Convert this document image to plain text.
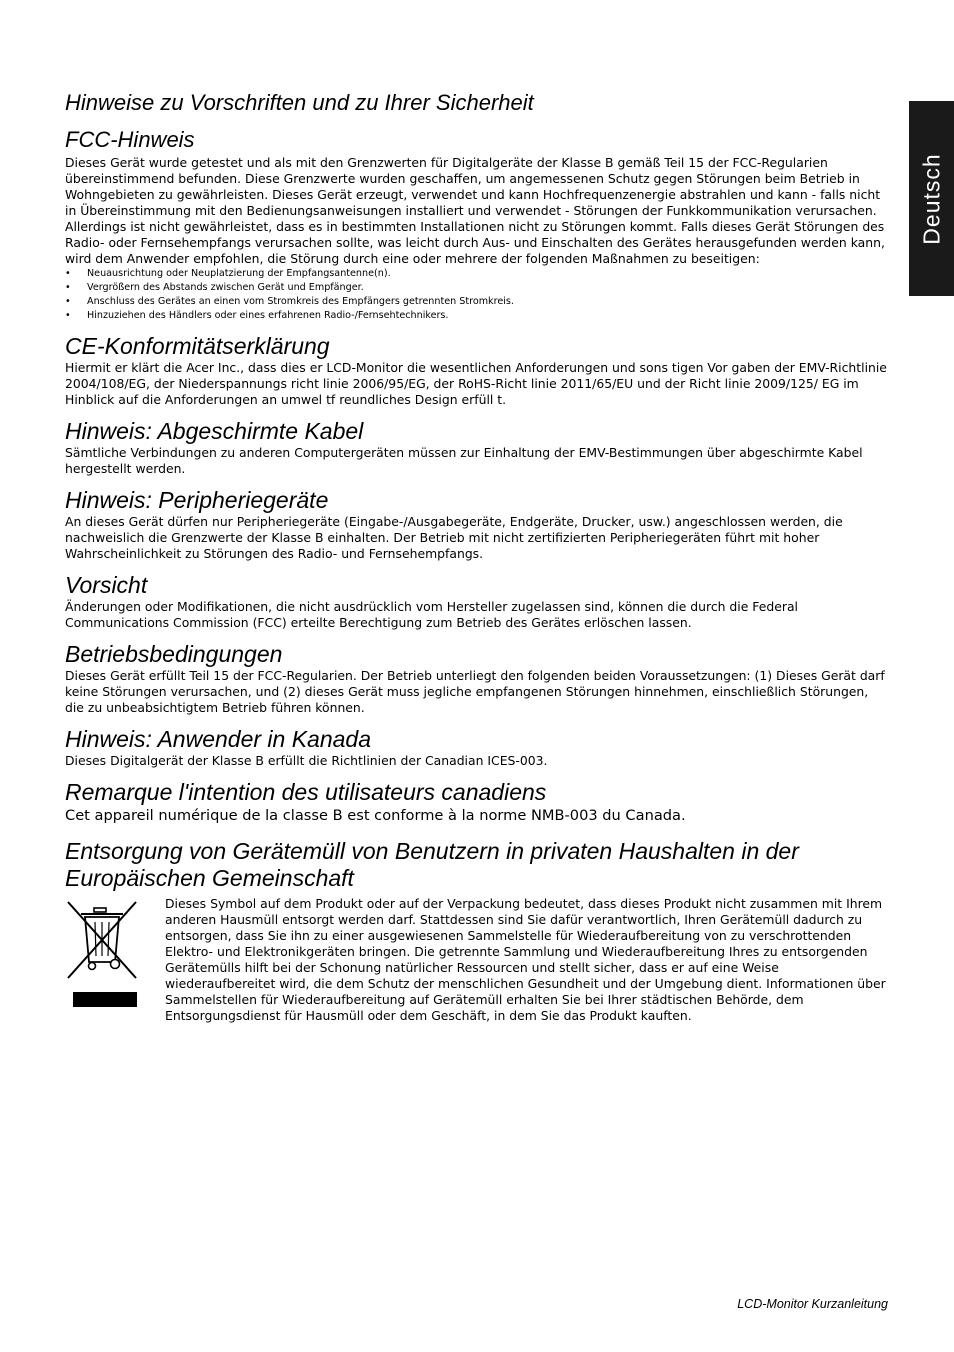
Deutsch
Hinweise zu Vorschriften und zu Ihrer Sicherheit
FCC-Hinweis

Dieses Gerät wurde getestet und als mit den Grenzwerten für Digitalgeräte der Klasse B gemäß Teil 15 der FCC-Regularien übereinstimmend befunden. Diese Grenzwerte wurden geschaffen, um angemessenen Schutz gegen Störungen beim Betrieb in Wohngebieten zu gewährleisten. Dieses Gerät erzeugt, verwendet und kann Hochfrequenzenergie abstrahlen und kann - falls nicht in Übereinstimmung mit den Bedienungsanweisungen installiert und verwendet - Störungen der Funkkommunikation verursachen.

Allerdings ist nicht gewährleistet, dass es in bestimmten Installationen nicht zu Störungen kommt. Falls dieses Gerät Störungen des Radio- oder Fernsehempfangs verursachen sollte, was leicht durch Aus- und Einschalten des Gerätes herausgefunden werden kann, wird dem Anwender empfohlen, die Störung durch eine oder mehrere der folgenden Maßnahmen zu beseitigen:

• Neuausrichtung oder Neuplatzierung der Empfangsantenne(n).
• Vergrößern des Abstands zwischen Gerät und Empfänger.
• Anschluss des Gerätes an einen vom Stromkreis des Empfängers getrennten Stromkreis.
• Hinzuziehen des Händlers oder eines erfahrenen Radio-/Fernsehtechnikers.
CE-Konformitätserklärung

Hiermit er klärt die Acer Inc., dass dies er LCD-Monitor die wesentlichen Anforderungen und sons tigen Vor gaben der EMV-Richtlinie 2004/108/EG, der Niederspannungs richt linie 2006/95/EG, der RoHS-Richt linie 2011/65/EU und der Richt linie 2009/125/ EG im Hinblick auf die Anforderungen an umwel tf reundliches Design erfüll t.

Hinweis: Abgeschirmte Kabel

Sämtliche Verbindungen zu anderen Computergeräten müssen zur Einhaltung der EMV-Bestimmungen über abgeschirmte Kabel hergestellt werden.

Hinweis: Peripheriegeräte

An dieses Gerät dürfen nur Peripheriegeräte (Eingabe-/Ausgabegeräte, Endgeräte, Drucker, usw.) angeschlossen werden, die nachweislich die Grenzwerte der Klasse B einhalten. Der Betrieb mit nicht zertifizierten Peripheriegeräten führt mit hoher Wahrscheinlichkeit zu Störungen des Radio- und Fernsehempfangs.

Vorsicht

Änderungen oder Modifikationen, die nicht ausdrücklich vom Hersteller zugelassen sind, können die durch die Federal Communications Commission (FCC) erteilte Berechtigung zum Betrieb des Gerätes erlöschen lassen.

Betriebsbedingungen

Dieses Gerät erfüllt Teil 15 der FCC-Regularien. Der Betrieb unterliegt den folgenden beiden Voraussetzungen: (1) Dieses Gerät darf keine Störungen verursachen, und (2) dieses Gerät muss jegliche empfangenen Störungen hinnehmen, einschließlich Störungen, die zu unbeabsichtigtem Betrieb führen können.

Hinweis: Anwender in Kanada

Dieses Digitalgerät der Klasse B erfüllt die Richtlinien der Canadian ICES-003.

Remarque l'intention des utilisateurs canadiens

Cet appareil numérique de la classe B est conforme à la norme NMB-003 du Canada.

Entsorgung von Gerätemüll von Benutzern in privaten Haushalten in der Europäischen Gemeinschaft

Dieses Symbol auf dem Produkt oder auf der Verpackung bedeutet, dass dieses Produkt nicht zusammen mit Ihrem anderen Hausmüll entsorgt werden darf. Stattdessen sind Sie dafür verantwortlich, Ihren Gerätemüll dadurch zu entsorgen, dass Sie ihn zu einer ausgewiesenen Sammelstelle für Wiederaufbereitung von zu verschrottenden Elektro- und Elektronikgeräten bringen. Die getrennte Sammlung und Wiederaufbereitung Ihres zu entsorgenden Gerätemülls hilft bei der Schonung natürlicher Ressourcen und stellt sicher, dass er auf eine Weise wiederaufbereitet wird, die dem Schutz der menschlichen Gesundheit und der Umgebung dient. Informationen über Sammelstellen für Wiederaufbereitung auf Gerätemüll erhalten Sie bei Ihrer städtischen Behörde, dem Entsorgungsdienst für Hausmüll oder dem Geschäft, in dem Sie das Produkt kauften.

LCD-Monitor Kurzanleitung
